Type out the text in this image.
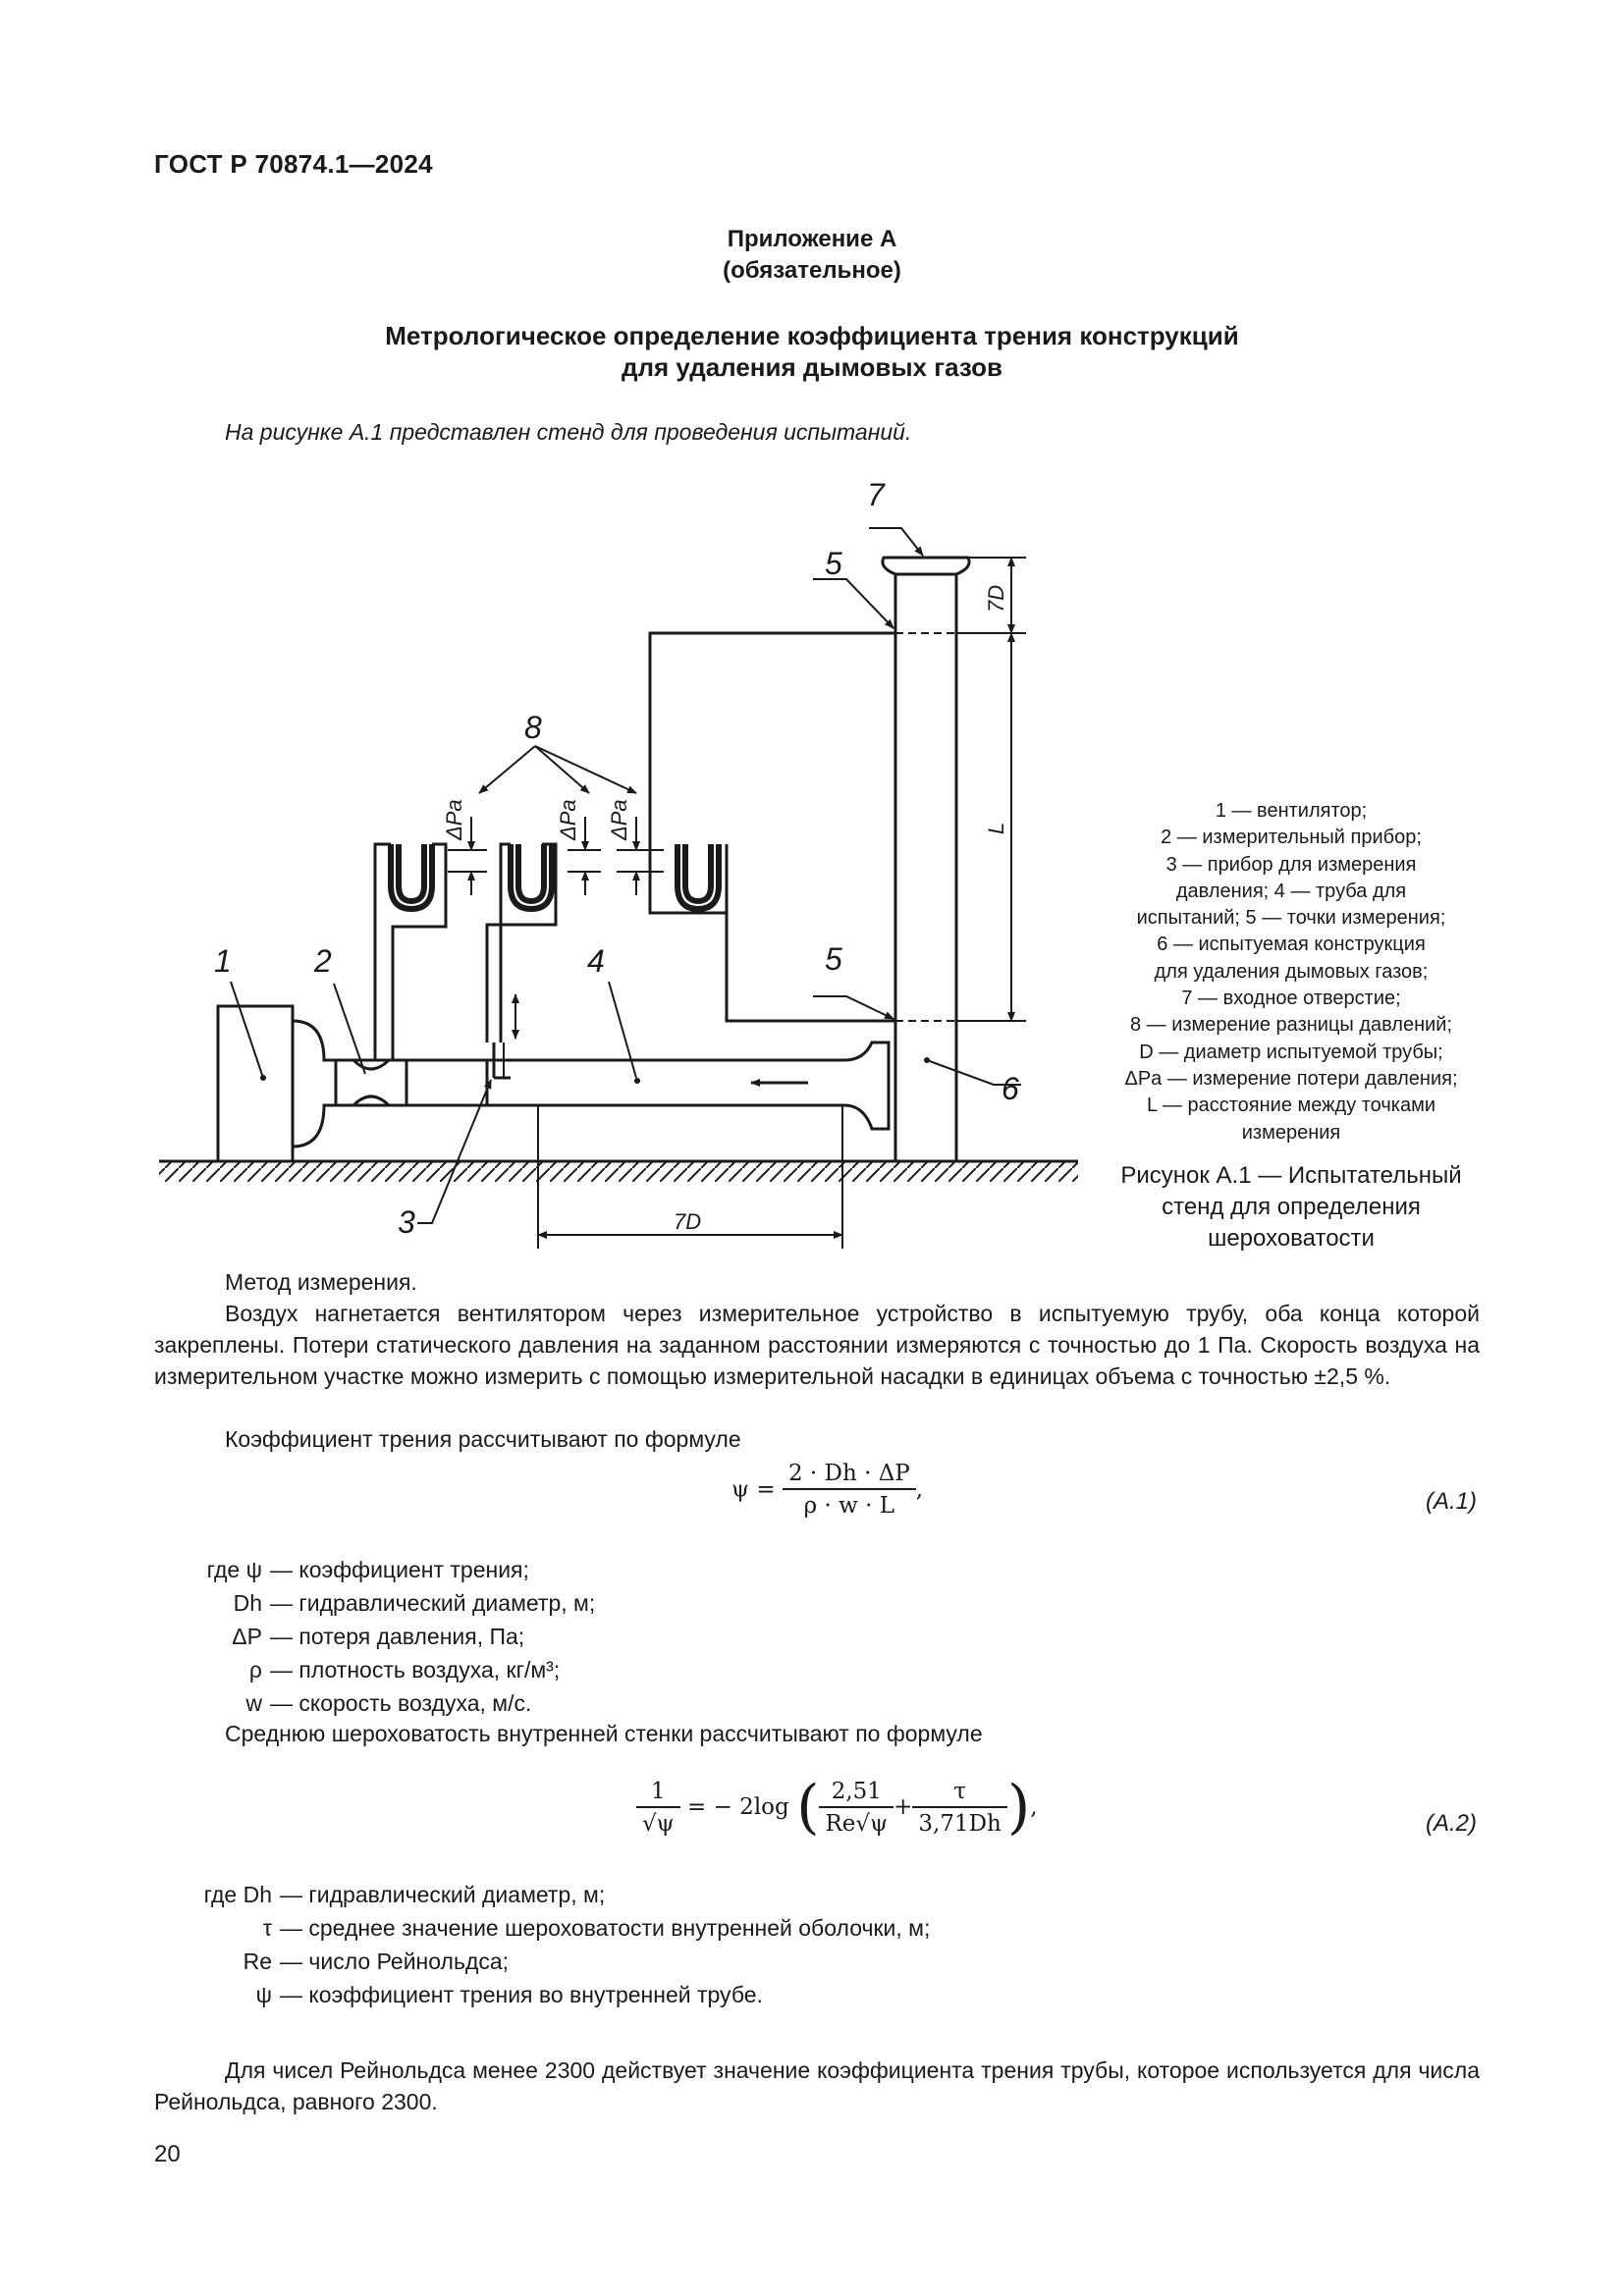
ГОСТ Р 70874.1—2024
Приложение А
(обязательное)
Метрологическое определение коэффициента трения конструкций
для удаления дымовых газов
На рисунке А.1 представлен стенд для проведения испытаний.
1	2
3
4
5
5
6
7
8
ΔPa	ΔPa ΔPa
7D
L
7D
1 — вентилятор;
2 — измерительный прибор;
3 — прибор для измерения
давления; 4 — труба для
испытаний; 5 — точки измерения;
6 — испытуемая конструкция
для удаления дымовых газов;
7 — входное отверстие;
8 — измерение разницы давлений;
D — диаметр испытуемой трубы;
ΔPa — измерение потери давления;
L — расстояние между точками
измерения
Рисунок А.1 — Испытательный
стенд для определения
шероховатости
Метод измерения.
Воздух нагнетается вентилятором через измерительное устройство в испытуемую трубу, оба конца которой закреплены. Потери статического давления на заданном расстоянии измеряются с точностью до 1 Па. Скорость воздуха на измерительном участке можно измерить с помощью измерительной насадки в единицах объема с точностью ±2,5 %.
Коэффициент трения рассчитывают по формуле
$\psi = \frac{2 \cdot Dh \cdot \Delta P}{\rho \cdot w \cdot L}$ ,	(А.1)
где ψ — коэффициент трения;
Dh — гидравлический диаметр, м;
ΔP — потеря давления, Па;
ρ — плотность воздуха, кг/м³;
w — скорость воздуха, м/с.
Среднюю шероховатость внутренней стенки рассчитывают по формуле
$\frac{1}{√\psi}$ = − 2log ( $\frac{2,51}{Re√\psi} + \frac{\tau}{3,71Dh}$ ),
(А.2)
где Dh — гидравлический диаметр, м;
τ — среднее значение шероховатости внутренней оболочки, м;
Re — число Рейнольдса;
ψ — коэффициент трения во внутренней трубе.
Для чисел Рейнольдса менее 2300 действует значение коэффициента трения трубы, которое используется для числа Рейнольдса, равного 2300.
20
